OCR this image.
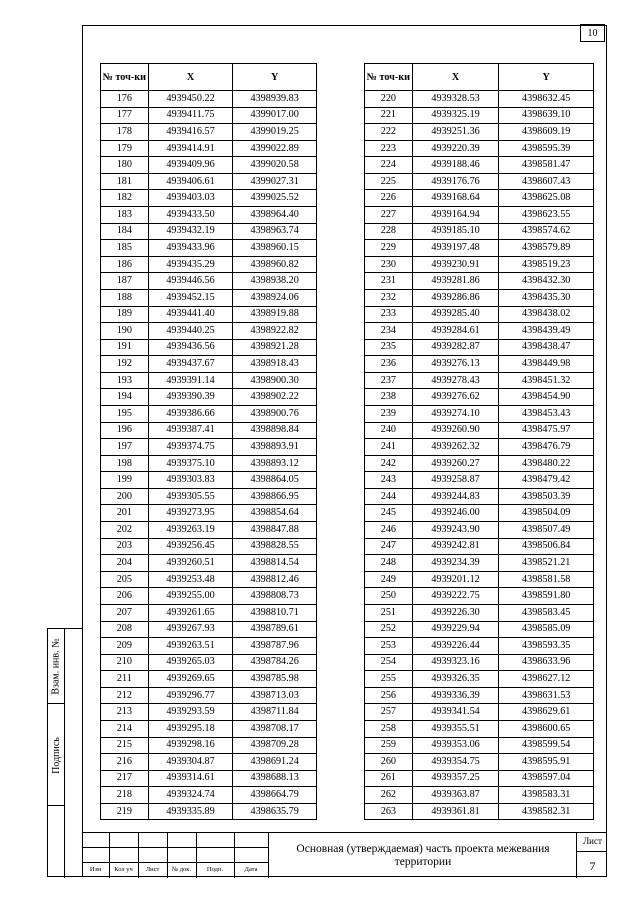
10
№ точ-ки	X	Y
176	4939450.22	4398939.83
177	4939411.75	4399017.00
178	4939416.57	4399019.25
179	4939414.91	4399022.89
180	4939409.96	4399020.58
181	4939406.61	4399027.31
182	4939403.03	4399025.52
183	4939433.50	4398964.40
184	4939432.19	4398963.74
185	4939433.96	4398960.15
186	4939435.29	4398960.82
187	4939446.56	4398938.20
188	4939452.15	4398924.06
189	4939441.40	4398919.88
190	4939440.25	4398922.82
191	4939436.56	4398921.28
192	4939437.67	4398918.43
193	4939391.14	4398900.30
194	4939390.39	4398902.22
195	4939386.66	4398900.76
196	4939387.41	4398898.84
197	4939374.75	4398893.91
198	4939375.10	4398893.12
199	4939303.83	4398864.05
200	4939305.55	4398866.95
201	4939273.95	4398854.64
202	4939263.19	4398847.88
203	4939256.45	4398828.55
204	4939260.51	4398814.54
205	4939253.48	4398812.46
206	4939255.00	4398808.73
207	4939261.65	4398810.71
208	4939267.93	4398789.61
209	4939263.51	4398787.96
210	4939265.03	4398784.26
211	4939269.65	4398785.98
212	4939296.77	4398713.03
213	4939293.59	4398711.84
214	4939295.18	4398708.17
215	4939298.16	4398709.28
216	4939304.87	4398691.24
217	4939314.61	4398688.13
218	4939324.74	4398664.79
219	4939335.89	4398635.79
№ точ-ки	X	Y
220	4939328.53	4398632.45
221	4939325.19	4398639.10
222	4939251.36	4398609.19
223	4939220.39	4398595.39
224	4939188.46	4398581.47
225	4939176.76	4398607.43
226	4939168.64	4398625.08
227	4939164.94	4398623.55
228	4939185.10	4398574.62
229	4939197.48	4398579.89
230	4939230.91	4398519.23
231	4939281.86	4398432.30
232	4939286.86	4398435.30
233	4939285.40	4398438.02
234	4939284.61	4398439.49
235	4939282.87	4398438.47
236	4939276.13	4398449.98
237	4939278.43	4398451.32
238	4939276.62	4398454.90
239	4939274.10	4398453.43
240	4939260.90	4398475.97
241	4939262.32	4398476.79
242	4939260.27	4398480.22
243	4939258.87	4398479.42
244	4939244.83	4398503.39
245	4939246.00	4398504.09
246	4939243.90	4398507.49
247	4939242.81	4398506.84
248	4939234.39	4398521.21
249	4939201.12	4398581.58
250	4939222.75	4398591.80
251	4939226.30	4398583.45
252	4939229.94	4398585.09
253	4939226.44	4398593.35
254	4939323.16	4398633.96
255	4939326.35	4398627.12
256	4939336.39	4398631.53
257	4939341.54	4398629.61
258	4939355.51	4398600.65
259	4939353.06	4398599.54
260	4939354.75	4398595.91
261	4939357.25	4398597.04
262	4939363.87	4398583.31
263	4939361.81	4398582.31
Взам. инв. №
Подпись
Изм	Кол уч	Лист	№ док.	Подп.	Дата
Основная (утверждаемая) часть проекта межевания территории
Лист
7
